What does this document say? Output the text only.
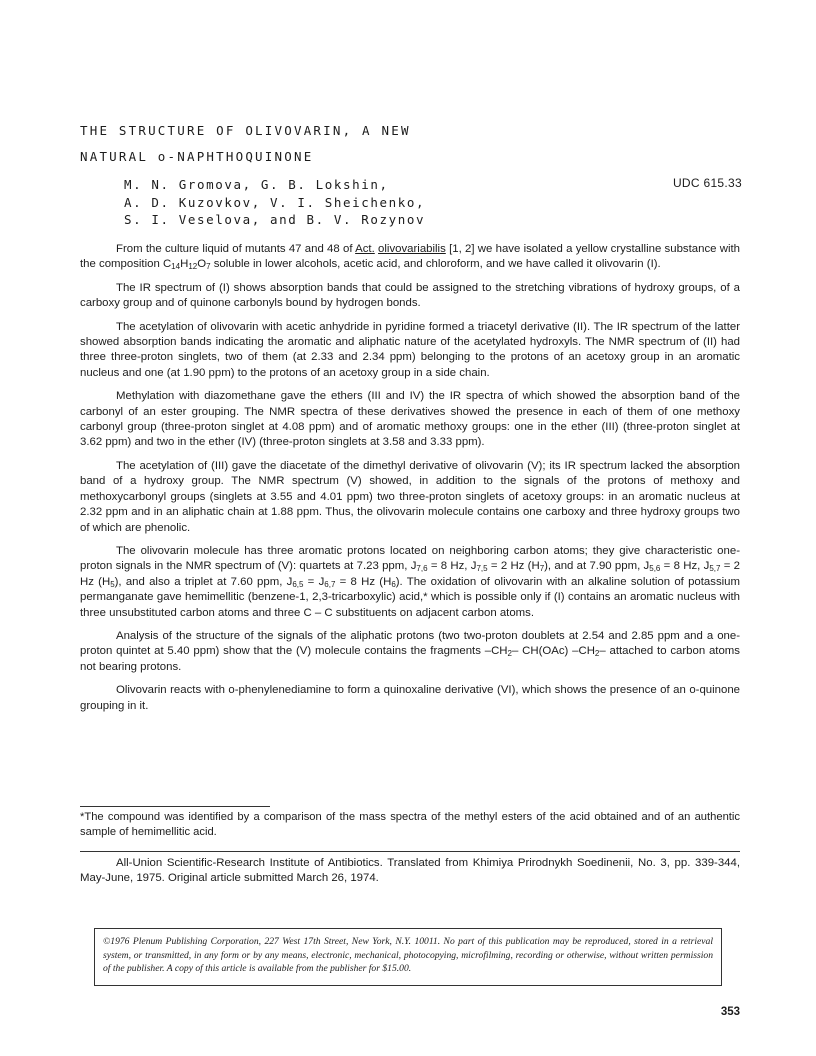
THE STRUCTURE OF OLIVOVARIN, A NEW
NATURAL o-NAPHTHOQUINONE
M. N. Gromova, G. B. Lokshin,
A. D. Kuzovkov, V. I. Sheichenko,
S. I. Veselova, and B. V. Rozynov
UDC 615.33

From the culture liquid of mutants 47 and 48 of Act. olivovariabilis [1, 2] we have isolated a yellow crystalline substance with the composition $C_{14}H_{12}O_7$ soluble in lower alcohols, acetic acid, and chloroform, and we have called it olivovarin (I).

The IR spectrum of (I) shows absorption bands that could be assigned to the stretching vibrations of hydroxy groups, of a carboxy group and of quinone carbonyls bound by hydrogen bonds.

The acetylation of olivovarin with acetic anhydride in pyridine formed a triacetyl derivative (II). The IR spectrum of the latter showed absorption bands indicating the aromatic and aliphatic nature of the acetylated hydroxyls. The NMR spectrum of (II) had three three-proton singlets, two of them (at 2.33 and 2.34 ppm) belonging to the protons of an acetoxy group in an aromatic nucleus and one (at 1.90 ppm) to the protons of an acetoxy group in a side chain.

Methylation with diazomethane gave the ethers (III and IV) the IR spectra of which showed the absorption band of the carbonyl of an ester grouping. The NMR spectra of these derivatives showed the presence in each of them of one methoxy carbonyl group (three-proton singlet at 4.08 ppm) and of aromatic methoxy groups: one in the ether (III) (three-proton singlet at 3.62 ppm) and two in the ether (IV) (three-proton singlets at 3.58 and 3.33 ppm).

The acetylation of (III) gave the diacetate of the dimethyl derivative of olivovarin (V); its IR spectrum lacked the absorption band of a hydroxy group. The NMR spectrum (V) showed, in addition to the signals of the protons of methoxy and methoxycarbonyl groups (singlets at 3.55 and 4.01 ppm) two three-proton singlets of acetoxy groups: in an aromatic nucleus at 2.32 ppm and in an aliphatic chain at 1.88 ppm. Thus, the olivovarin molecule contains one carboxy and three hydroxy groups two of which are phenolic.

The olivovarin molecule has three aromatic protons located on neighboring carbon atoms; they give characteristic one-proton signals in the NMR spectrum of (V): quartets at 7.23 ppm, $J_{7,6} = 8$ Hz, $J_{7,5} = 2$ Hz $(H_7)$, and at 7.90 ppm, $J_{5,6} = 8$ Hz, $J_{5,7} = 2$ Hz $(H_5)$, and also a triplet at 7.60 ppm, $J_{6,5} = J_{6,7} = 8$ Hz $(H_6)$. The oxidation of olivovarin with an alkaline solution of potassium permanganate gave hemimellitic (benzene-1, 2,3-tricarboxylic) acid,* which is possible only if (I) contains an aromatic nucleus with three unsubstituted carbon atoms and three C – C substituents on adjacent carbon atoms.

Analysis of the structure of the signals of the aliphatic protons (two two-proton doublets at 2.54 and 2.85 ppm and a one-proton quintet at 5.40 ppm) show that the (V) molecule contains the fragments $-CH_2-$ CH(OAc) $-CH_2-$ attached to carbon atoms not bearing protons.

Olivovarin reacts with o-phenylenediamine to form a quinoxaline derivative (VI), which shows the presence of an o-quinone grouping in it.

*The compound was identified by a comparison of the mass spectra of the methyl esters of the acid obtained and of an authentic sample of hemimellitic acid.
All-Union Scientific-Research Institute of Antibiotics. Translated from Khimiya Prirodnykh Soedinenii, No. 3, pp. 339-344, May-June, 1975. Original article submitted March 26, 1974.
©1976 Plenum Publishing Corporation, 227 West 17th Street, New York, N.Y. 10011. No part of this publication may be reproduced, stored in a retrieval system, or transmitted, in any form or by any means, electronic, mechanical, photocopying, microfilming, recording or otherwise, without written permission of the publisher. A copy of this article is available from the publisher for $15.00.
353
